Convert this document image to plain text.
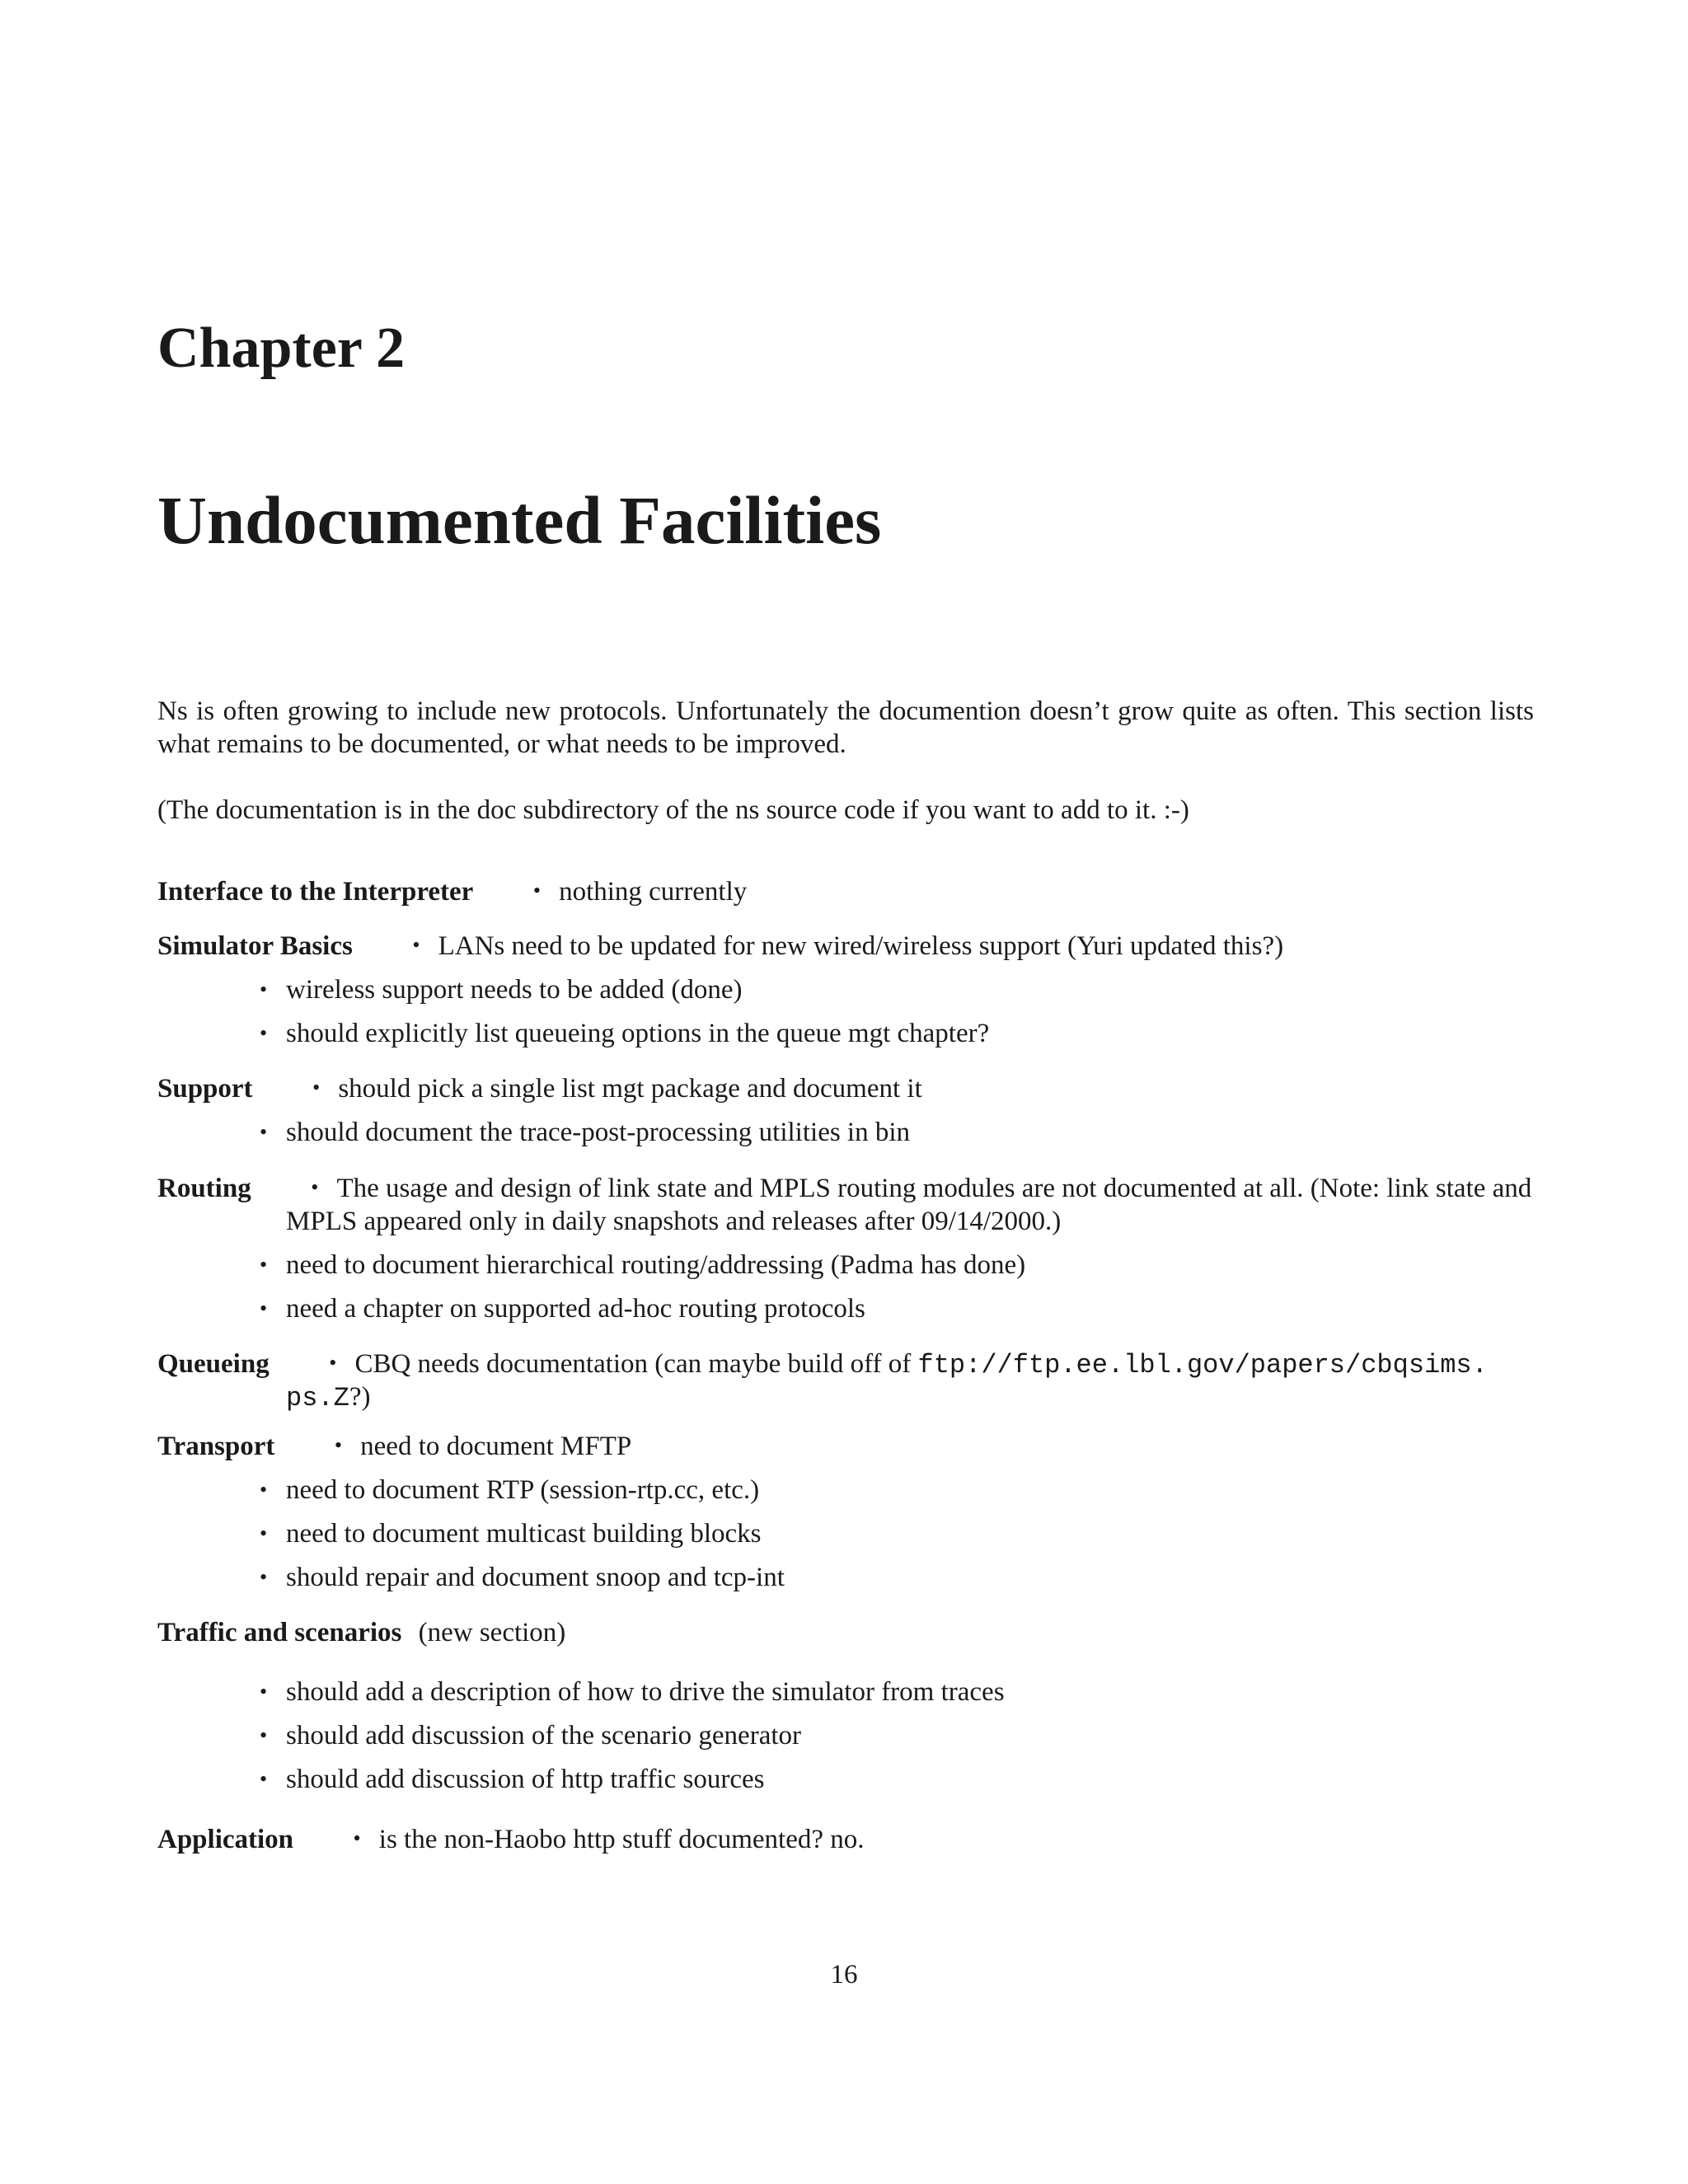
Chapter 2
Undocumented Facilities

Ns is often growing to include new protocols. Unfortunately the documention doesn’t grow quite as often. This section lists what remains to be documented, or what needs to be improved.

(The documentation is in the doc subdirectory of the ns source code if you want to add to it. :-)

Interface to the Interpreter	• nothing currently
Simulator Basics	• LANs need to be updated for new wired/wireless support (Yuri updated this?)
• wireless support needs to be added (done)
• should explicitly list queueing options in the queue mgt chapter?
Support	• should pick a single list mgt package and document it
• should document the trace-post-processing utilities in bin
Routing	• The usage and design of link state and MPLS routing modules are not documented at all. (Note: link state and
MPLS appeared only in daily snapshots and releases after 09/14/2000.)
• need to document hierarchical routing/addressing (Padma has done)
• need a chapter on supported ad-hoc routing protocols
Queueing	• CBQ needs documentation (can maybe build off of ftp://ftp.ee.lbl.gov/papers/cbqsims.
ps.Z?)
Transport	• need to document MFTP
• need to document RTP (session-rtp.cc, etc.)
• need to document multicast building blocks
• should repair and document snoop and tcp-int
Traffic and scenarios (new section)
• should add a description of how to drive the simulator from traces
• should add discussion of the scenario generator
• should add discussion of http traffic sources
Application	• is the non-Haobo http stuff documented? no.
16
